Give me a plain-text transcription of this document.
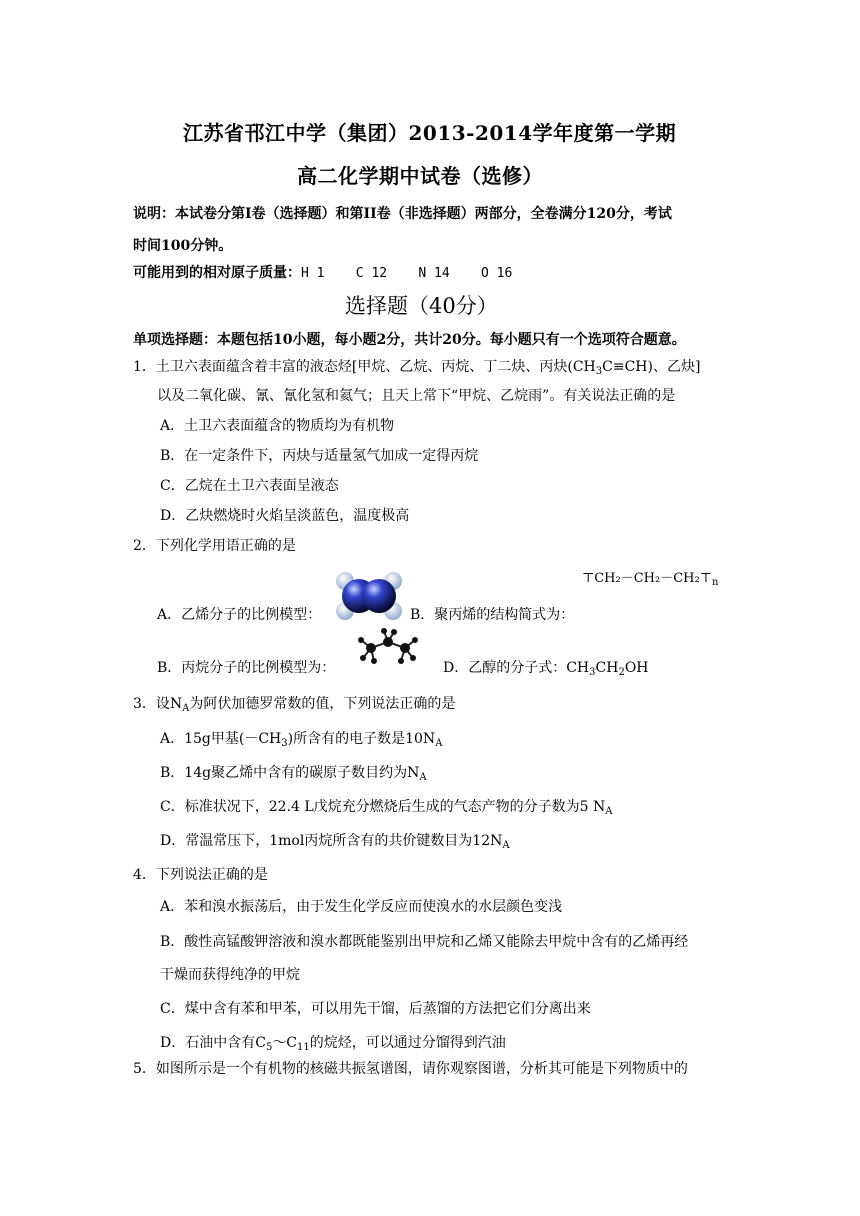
江苏省邗江中学（集团）2013-2014学年度第一学期
高二化学期中试卷（选修）
说明：本试卷分第Ⅰ卷（选择题）和第II卷（非选择题）两部分，全卷满分120分，考试
时间100分钟。
可能用到的相对原子质量：H 1    C 12    N 14    O 16
选择题（40分）
单项选择题：本题包括10小题，每小题2分，共计20分。每小题只有一个选项符合题意。
1．土卫六表面蕴含着丰富的液态烃[甲烷、乙烷、丙烷、丁二炔、丙炔$(CH_3C\equiv CH)$、乙炔]
以及二氧化碳、氰、氰化氢和氦气；且天上常下“甲烷、乙烷雨”。有关说法正确的是
A．土卫六表面蕴含的物质均为有机物
B．在一定条件下，丙炔与适量氢气加成一定得丙烷
C．乙烷在土卫六表面呈液态
D．乙炔燃烧时火焰呈淡蓝色，温度极高
2．下列化学用语正确的是
$⊤CH_2-CH_2-CH_2⊤_n$
A．乙烯分子的比例模型：	B．聚丙烯的结构简式为：
B．丙烷分子的比例模型为：	D．乙醇的分子式：$CH_3CH_2OH$
3．设$N_A$为阿伏加德罗常数的值，下列说法正确的是
A．15g甲基$(-CH_3)$所含有的电子数是$10N_A$
B．14g聚乙烯中含有的碳原子数目约为$N_A$
C．标准状况下，22.4 L戊烷充分燃烧后生成的气态产物的分子数为5 $N_A$
D．常温常压下，1mol丙烷所含有的共价键数目为$12N_A$
4．下列说法正确的是
A．苯和溴水振荡后，由于发生化学反应而使溴水的水层颜色变浅
B．酸性高锰酸钾溶液和溴水都既能鉴别出甲烷和乙烯又能除去甲烷中含有的乙烯再经
干燥而获得纯净的甲烷
C．煤中含有苯和甲苯，可以用先干馏，后蒸馏的方法把它们分离出来
D．石油中含有$C_5\sim C_{11}$的烷烃，可以通过分馏得到汽油
5．如图所示是一个有机物的核磁共振氢谱图，请你观察图谱，分析其可能是下列物质中的
